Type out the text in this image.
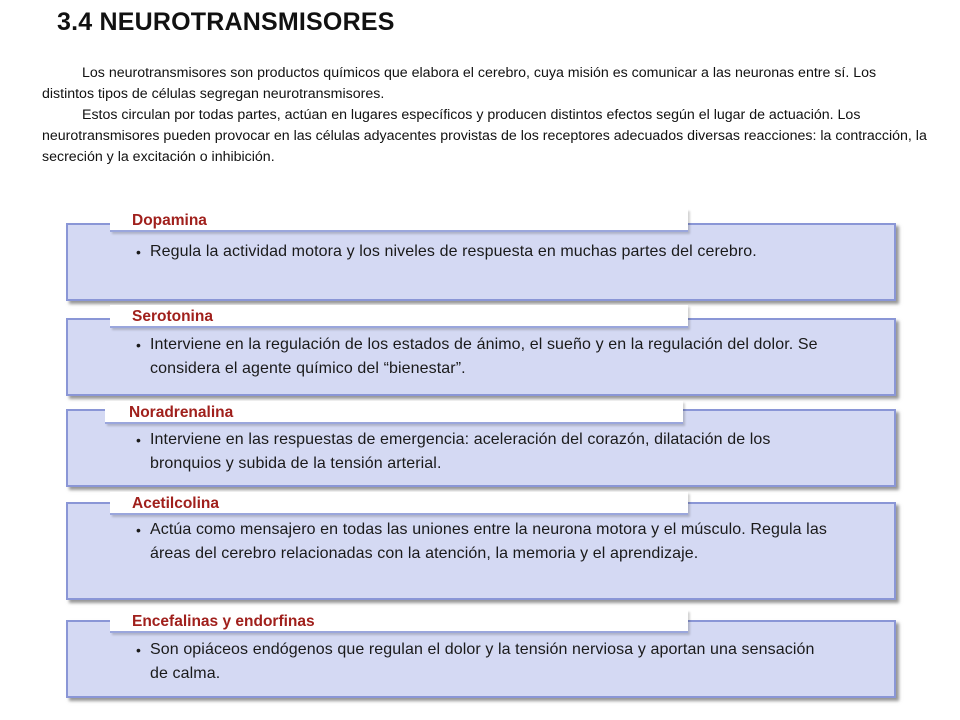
3.4 NEUROTRANSMISORES

Los neurotransmisores son productos químicos que elabora el cerebro, cuya misión es comunicar a las neuronas entre sí. Los distintos tipos de células segregan neurotransmisores.

Estos circulan por todas partes, actúan en lugares específicos y producen distintos efectos según el lugar de actuación. Los neurotransmisores pueden provocar en las células adyacentes provistas de los receptores adecuados diversas reacciones: la contracción, la secreción y la excitación o inhibición.

Dopamina
• Regula la actividad motora y los niveles de respuesta en muchas partes del cerebro.
Serotonina
• Interviene en la regulación de los estados de ánimo, el sueño y en la regulación del dolor. Se considera el agente químico del “bienestar”.
Noradrenalina
• Interviene en las respuestas de emergencia: aceleración del corazón, dilatación de los bronquios y subida de la tensión arterial.
Acetilcolina
• Actúa como mensajero en todas las uniones entre la neurona motora y el músculo. Regula las áreas del cerebro relacionadas con la atención, la memoria y el aprendizaje.
Encefalinas y endorfinas
• Son opiáceos endógenos que regulan el dolor y la tensión nerviosa y aportan una sensación de calma.
